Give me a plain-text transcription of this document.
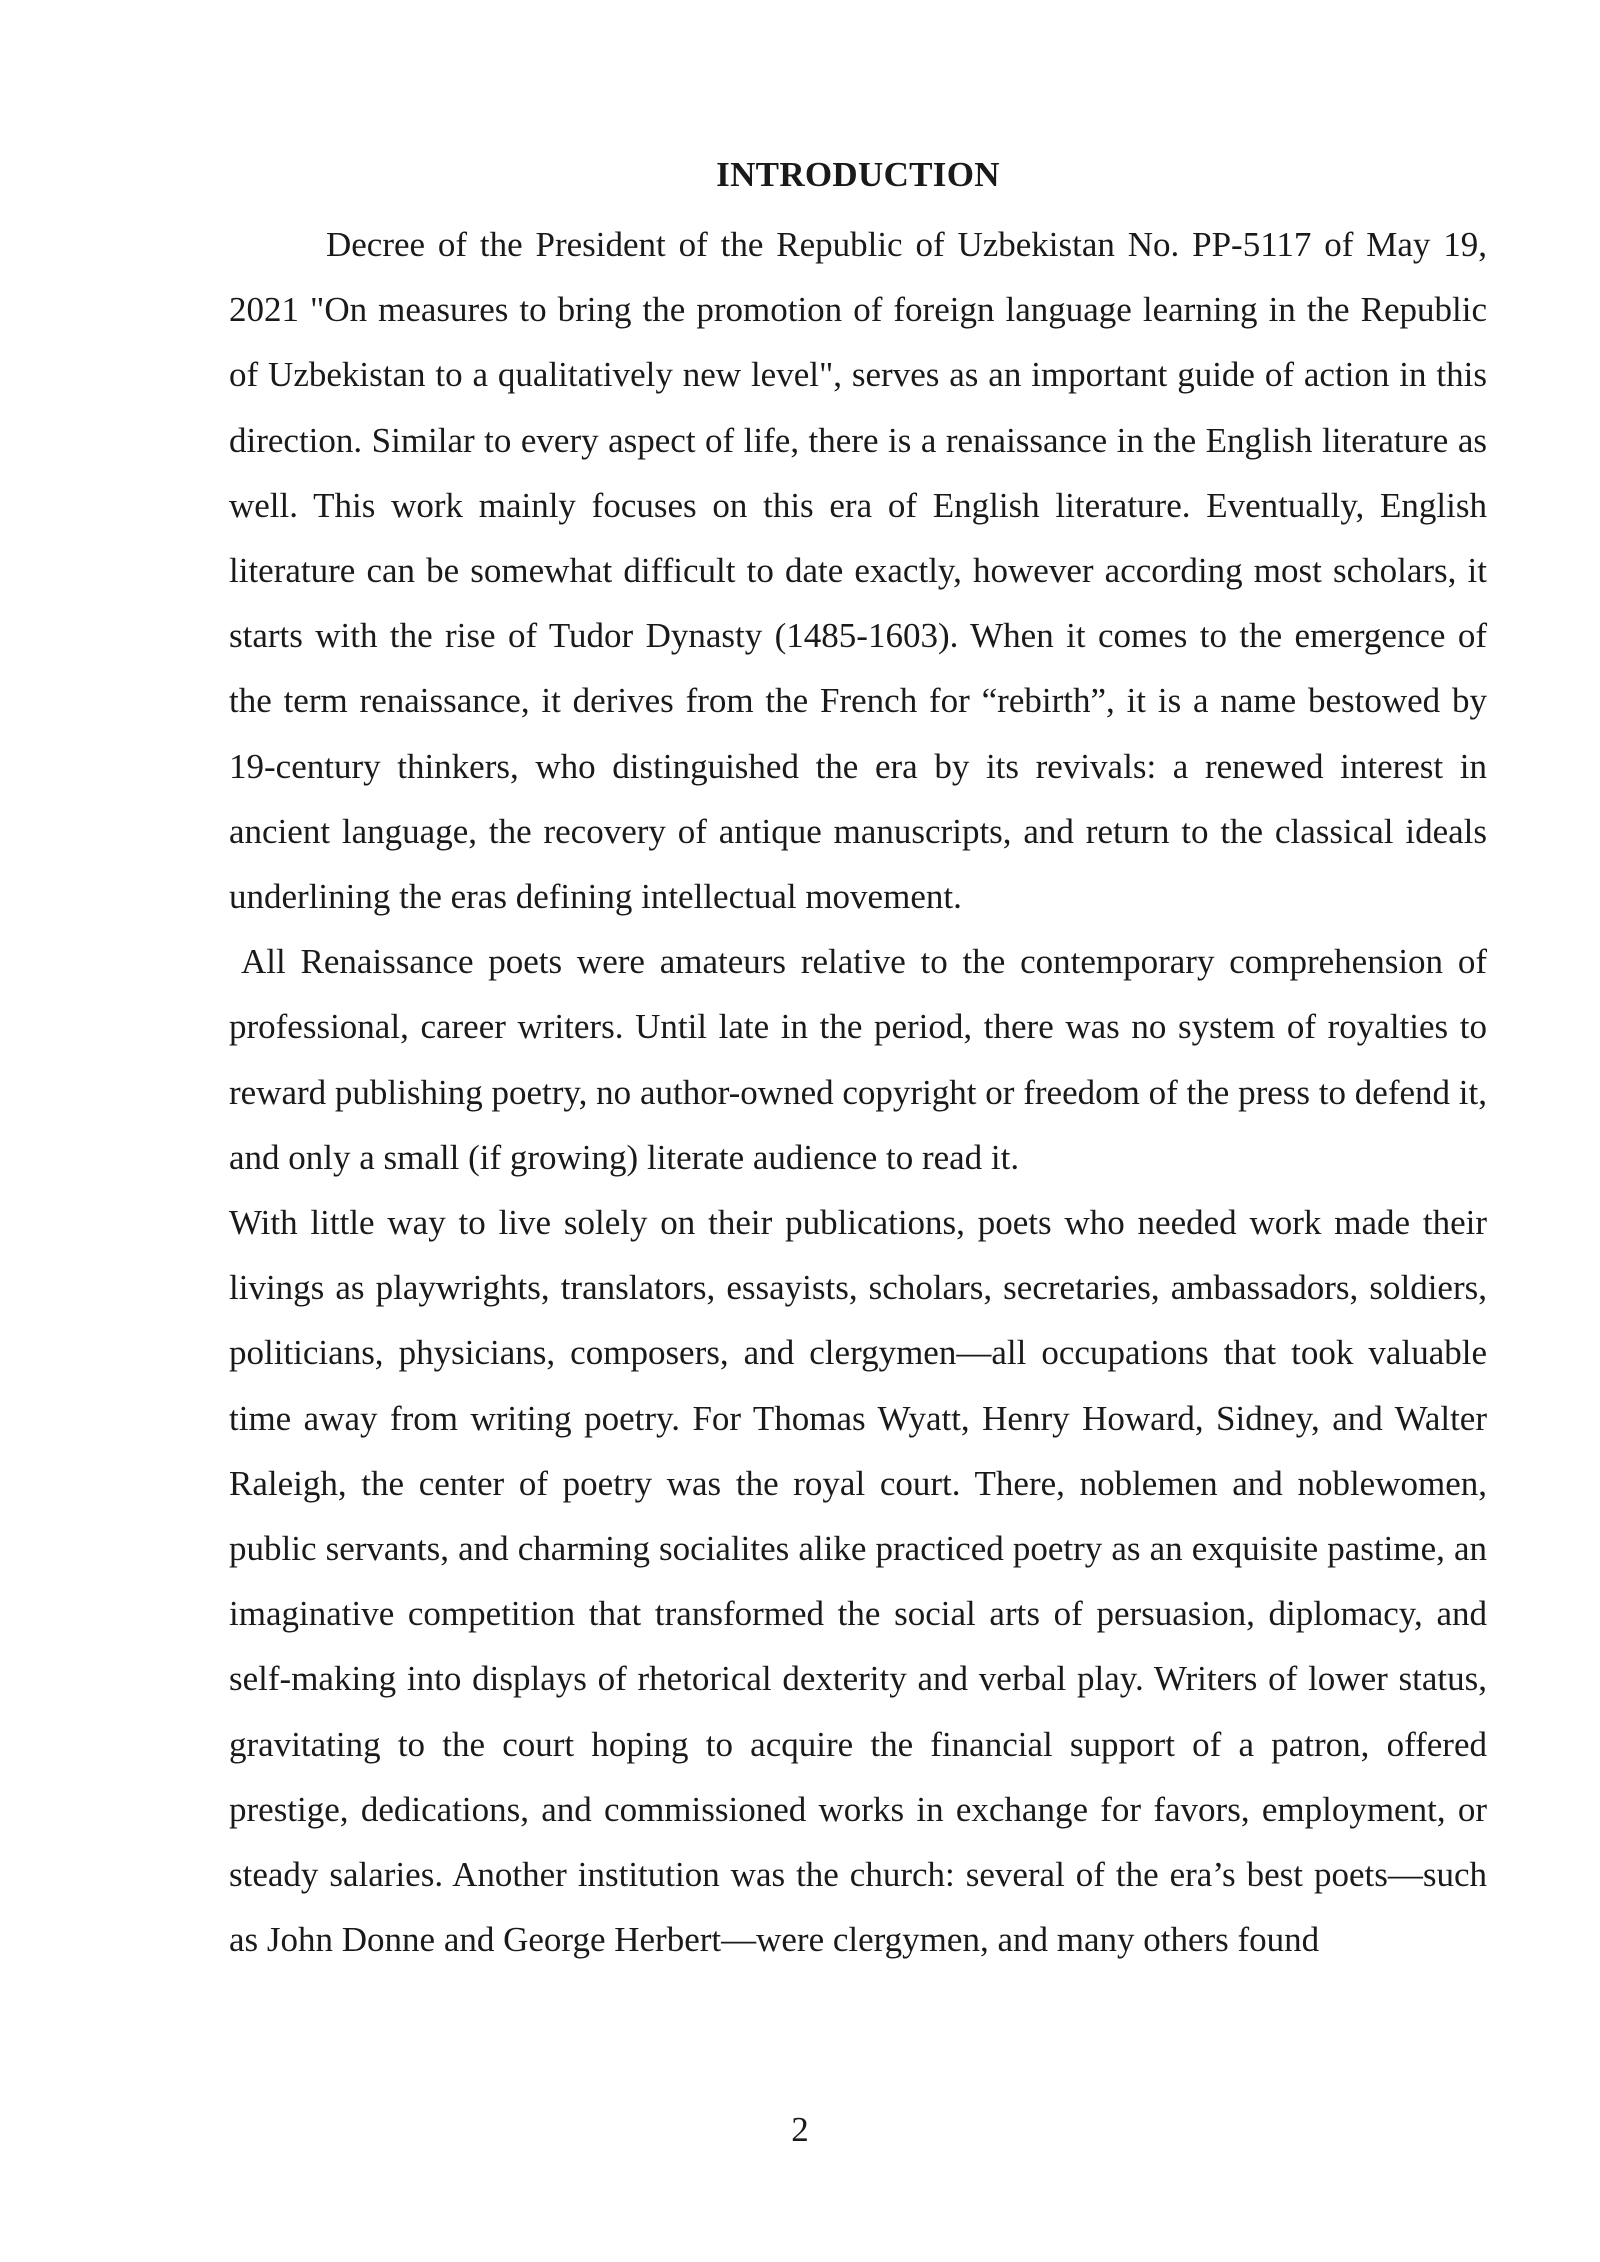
INTRODUCTION

Decree of the President of the Republic of Uzbekistan No. PP-5117 of May 19, 2021 "On measures to bring the promotion of foreign language learning in the Republic of Uzbekistan to a qualitatively new level", serves as an important guide of action in this direction. Similar to every aspect of life, there is a renaissance in the English literature as well. This work mainly focuses on this era of English literature. Eventually, English literature can be somewhat difficult to date exactly, however according most scholars, it starts with the rise of Tudor Dynasty (1485-1603). When it comes to the emergence of the term renaissance, it derives from the French for “rebirth”, it is a name bestowed by 19-century thinkers, who distinguished the era by its revivals: a renewed interest in ancient language, the recovery of antique manuscripts, and return to the classical ideals underlining the eras defining intellectual movement.

All Renaissance poets were amateurs relative to the contemporary comprehension of professional, career writers. Until late in the period, there was no system of royalties to reward publishing poetry, no author-owned copyright or freedom of the press to defend it, and only a small (if growing) literate audience to read it.

With little way to live solely on their publications, poets who needed work made their livings as playwrights, translators, essayists, scholars, secretaries, ambassadors, soldiers, politicians, physicians, composers, and clergymen—all occupations that took valuable time away from writing poetry. For Thomas Wyatt, Henry Howard, Sidney, and Walter Raleigh, the center of poetry was the royal court. There, noblemen and noblewomen, public servants, and charming socialites alike practiced poetry as an exquisite pastime, an imaginative competition that transformed the social arts of persuasion, diplomacy, and self-making into displays of rhetorical dexterity and verbal play. Writers of lower status, gravitating to the court hoping to acquire the financial support of a patron, offered prestige, dedications, and commissioned works in exchange for favors, employment, or steady salaries. Another institution was the church: several of the era’s best poets—such as John Donne and George Herbert—were clergymen, and many others found

2
